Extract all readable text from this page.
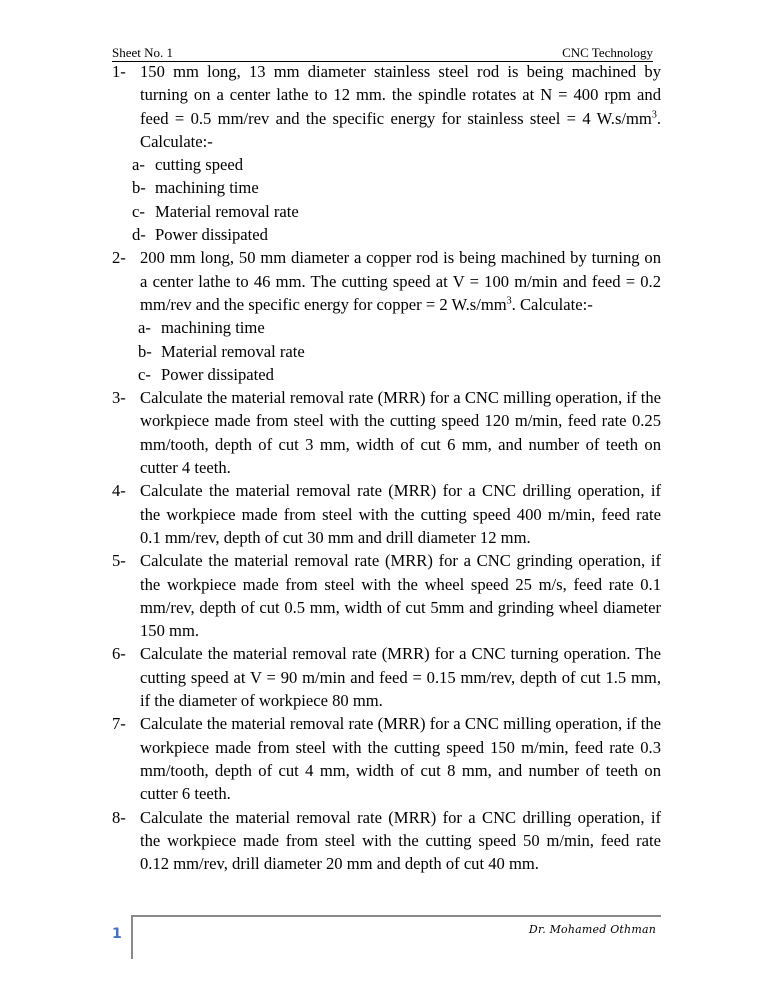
Sheet No. 1	CNC Technology
1- 150 mm long, 13 mm diameter stainless steel rod is being machined by turning on a center lathe to 12 mm. the spindle rotates at N = 400 rpm and feed = 0.5 mm/rev and the specific energy for stainless steel = 4 $W.s/mm^3$. Calculate:-
a- cutting speed
b- machining time
c- Material removal rate
d- Power dissipated
2- 200 mm long, 50 mm diameter a copper rod is being machined by turning on a center lathe to 46 mm. The cutting speed at V = 100 m/min and feed = 0.2 mm/rev and the specific energy for copper = 2 $W.s/mm^3$. Calculate:-
a- machining time
b- Material removal rate
c- Power dissipated
3- Calculate the material removal rate (MRR) for a CNC milling operation, if the workpiece made from steel with the cutting speed 120 m/min, feed rate 0.25 mm/tooth, depth of cut 3 mm, width of cut 6 mm, and number of teeth on cutter 4 teeth.
4- Calculate the material removal rate (MRR) for a CNC drilling operation, if the workpiece made from steel with the cutting speed 400 m/min, feed rate 0.1 mm/rev, depth of cut 30 mm and drill diameter 12 mm.
5- Calculate the material removal rate (MRR) for a CNC grinding operation, if the workpiece made from steel with the wheel speed 25 m/s, feed rate 0.1 mm/rev, depth of cut 0.5 mm, width of cut 5mm and grinding wheel diameter 150 mm.
6- Calculate the material removal rate (MRR) for a CNC turning operation. The cutting speed at V = 90 m/min and feed = 0.15 mm/rev, depth of cut 1.5 mm, if the diameter of workpiece 80 mm.
7- Calculate the material removal rate (MRR) for a CNC milling operation, if the workpiece made from steel with the cutting speed 150 m/min, feed rate 0.3 mm/tooth, depth of cut 4 mm, width of cut 8 mm, and number of teeth on cutter 6 teeth.
8- Calculate the material removal rate (MRR) for a CNC drilling operation, if the workpiece made from steel with the cutting speed 50 m/min, feed rate 0.12 mm/rev, drill diameter 20 mm and depth of cut 40 mm.
1	Dr. Mohamed Othman
